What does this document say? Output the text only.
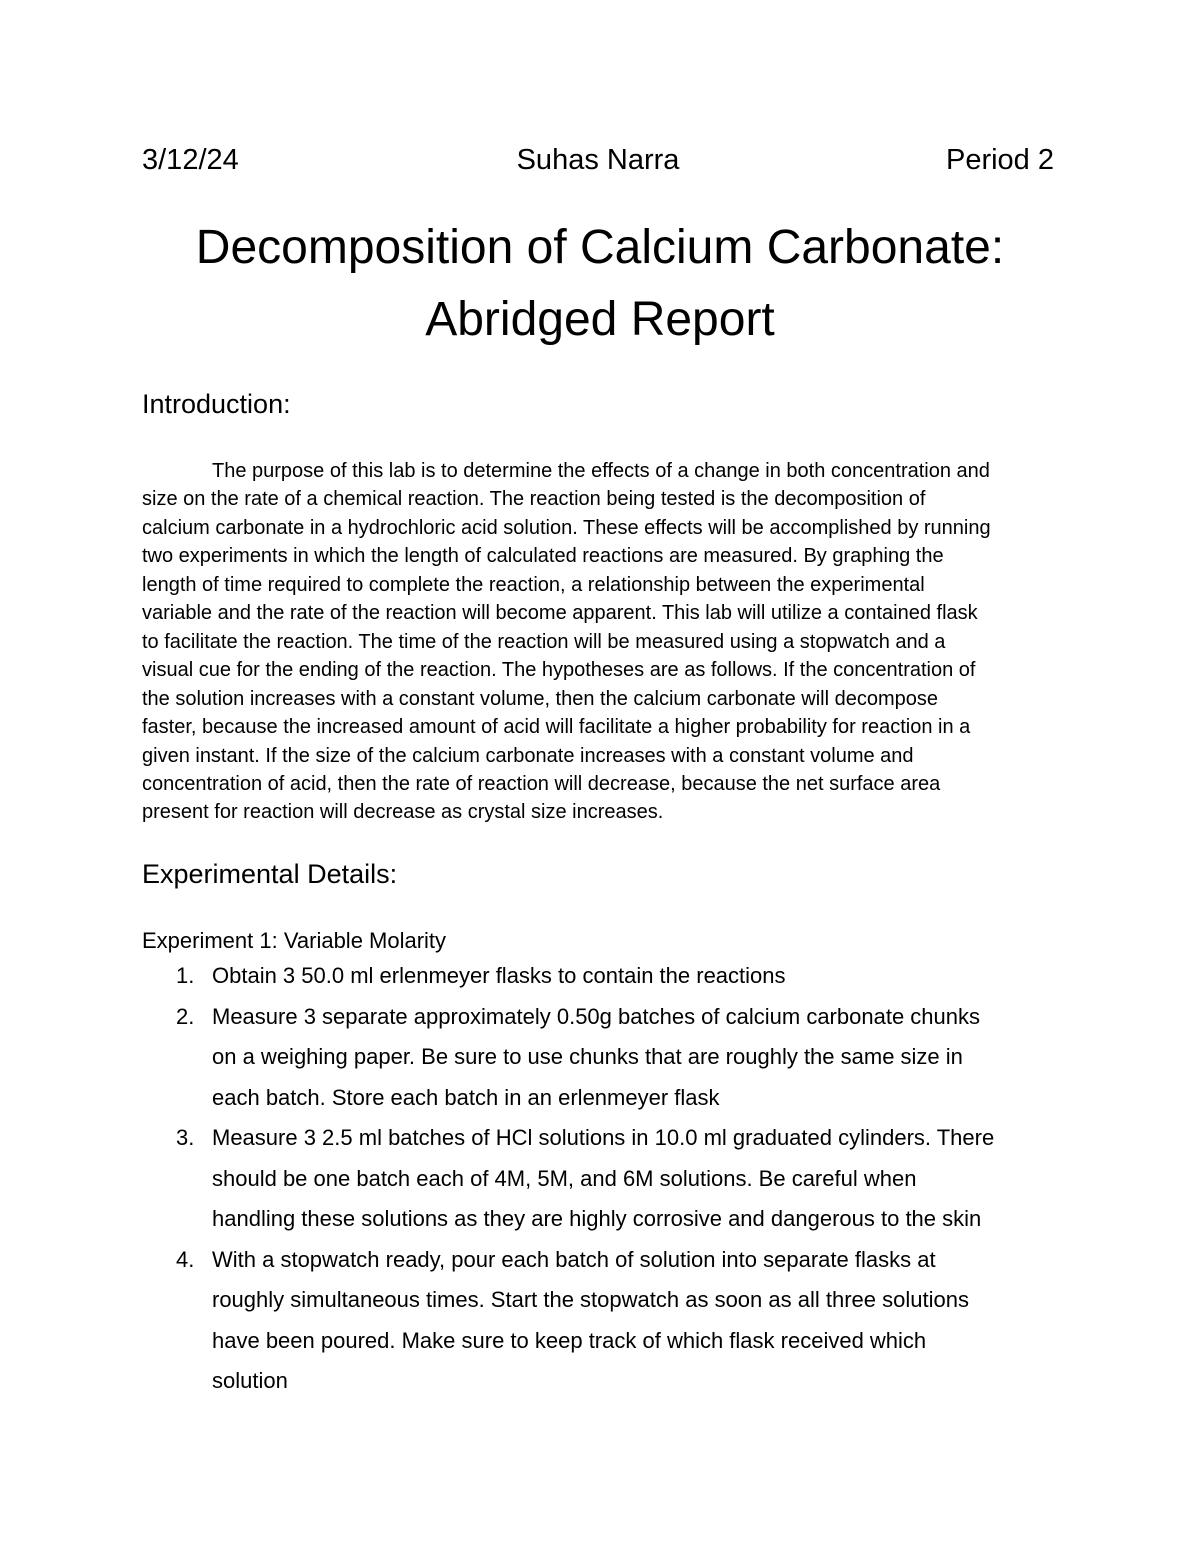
3/12/24	Suhas Narra	Period 2
Decomposition of Calcium Carbonate:
Abridged Report
Introduction:

The purpose of this lab is to determine the effects of a change in both concentration and
size on the rate of a chemical reaction. The reaction being tested is the decomposition of
calcium carbonate in a hydrochloric acid solution. These effects will be accomplished by running
two experiments in which the length of calculated reactions are measured. By graphing the
length of time required to complete the reaction, a relationship between the experimental
variable and the rate of the reaction will become apparent. This lab will utilize a contained flask
to facilitate the reaction. The time of the reaction will be measured using a stopwatch and a
visual cue for the ending of the reaction. The hypotheses are as follows. If the concentration of
the solution increases with a constant volume, then the calcium carbonate will decompose
faster, because the increased amount of acid will facilitate a higher probability for reaction in a
given instant. If the size of the calcium carbonate increases with a constant volume and
concentration of acid, then the rate of reaction will decrease, because the net surface area
present for reaction will decrease as crystal size increases.

Experimental Details:
Experiment 1: Variable Molarity
1. Obtain 3 50.0 ml erlenmeyer flasks to contain the reactions
2. Measure 3 separate approximately 0.50g batches of calcium carbonate chunks
on a weighing paper. Be sure to use chunks that are roughly the same size in
each batch. Store each batch in an erlenmeyer flask
3. Measure 3 2.5 ml batches of HCl solutions in 10.0 ml graduated cylinders. There
should be one batch each of 4M, 5M, and 6M solutions. Be careful when
handling these solutions as they are highly corrosive and dangerous to the skin
4. With a stopwatch ready, pour each batch of solution into separate flasks at
roughly simultaneous times. Start the stopwatch as soon as all three solutions
have been poured. Make sure to keep track of which flask received which
solution
